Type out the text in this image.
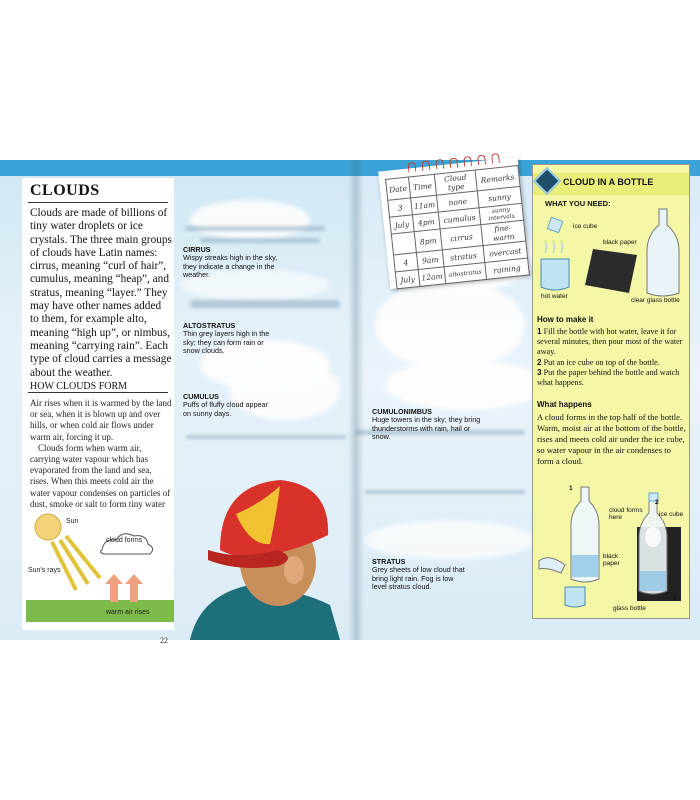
CLOUDS
Clouds are made of billions of tiny water droplets or ice crystals. The three main groups of clouds have Latin names: cirrus, meaning “curl of hair”, cumulus, meaning “heap”, and stratus, meaning “layer.” They may have other names added to them, for example alto, meaning “high up”, or nimbus, meaning “carrying rain”. Each type of cloud carries a message about the weather.
HOW CLOUDS FORM

Air rises when it is warmed by the land or sea, when it is blown up and over hills, or when cold air flows under warm air, forcing it up.

Clouds form when warm air, carrying water vapour which has evaporated from the land and sea, rises. When this meets cold air the water vapour condenses on particles of dust, smoke or salt to form tiny water

Sun
cloud forms
Sun's rays
warm air rises
CIRRUS
Wispy streaks high in the sky, they indicate a change in the weather.
ALTOSTRATUS
Thin grey layers high in the sky; they can form rain or snow clouds.
CUMULUS
Puffs of fluffy cloud appear on sunny days.	CUMULONIMBUS
Huge towers in the sky; they bring thunderstorms with rain, hail or snow.
STRATUS
Grey sheets of low cloud that bring light rain. Fog is low level stratus cloud.
22
Date	Time	Cloud type	Remarks
3	11am	none	sunny
July	4pm	cumulus	sunny intervals
	8pm	cirrus	fine-warm
4	9am	stratus	overcast
July	12am	altostratus	raining
CLOUD IN A BOTTLE
WHAT YOU NEED:
ice cube
black paper
hot water
clear glass bottle
How to make it
1 Fill the bottle with hot water, leave it for several minutes, then pour most of the water away.
2 Put an ice cube on top of the bottle.
3 Put the paper behind the bottle and watch what happens.
What happens
A cloud forms in the top half of the bottle. Warm, moist air at the bottom of the bottle, rises and meets cold air under the ice cube, so water vapour in the air condenses to form a cloud.
1
2
3
cloud forms here	ice cube
black paper
glass bottle
